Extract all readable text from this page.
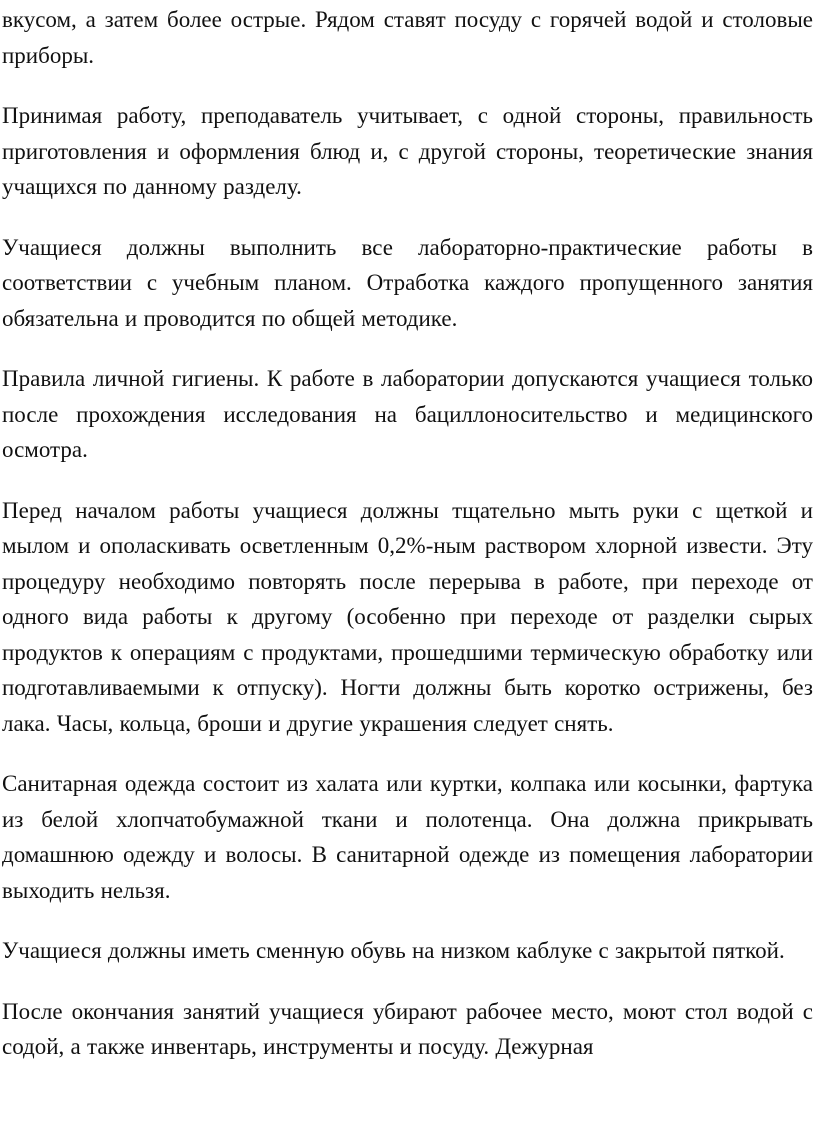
вкусом, а затем более острые. Рядом ставят посуду с горячей водой и столовые приборы.

Принимая работу, преподаватель учитывает, с одной стороны, правильность приготовления и оформления блюд и, с другой стороны, теоретические знания учащихся по данному разделу.

Учащиеся должны выполнить все лабораторно-практические работы в соответствии с учебным планом. Отработка каждого пропущенного занятия обязательна и проводится по общей методике.

Правила личной гигиены. К работе в лаборатории допускаются учащиеся только после прохождения исследования на бациллоносительство и медицинского осмотра.

Перед началом работы учащиеся должны тщательно мыть руки с щеткой и мылом и ополаскивать осветленным 0,2%-ным раствором хлорной извести. Эту процедуру необходимо повторять после перерыва в работе, при переходе от одного вида работы к другому (особенно при переходе от разделки сырых продуктов к операциям с продуктами, прошедшими термическую обработку или подготавливаемыми к отпуску). Ногти должны быть коротко острижены, без лака. Часы, кольца, броши и другие украшения следует снять.

Санитарная одежда состоит из халата или куртки, колпака или косынки, фартука из белой хлопчатобумажной ткани и полотенца. Она должна прикрывать домашнюю одежду и волосы. В санитарной одежде из помещения лаборатории выходить нельзя.

Учащиеся должны иметь сменную обувь на низком каблуке с закрытой пяткой.

После окончания занятий учащиеся убирают рабочее место, моют стол водой с содой, а также инвентарь, инструменты и посуду. Дежурная
